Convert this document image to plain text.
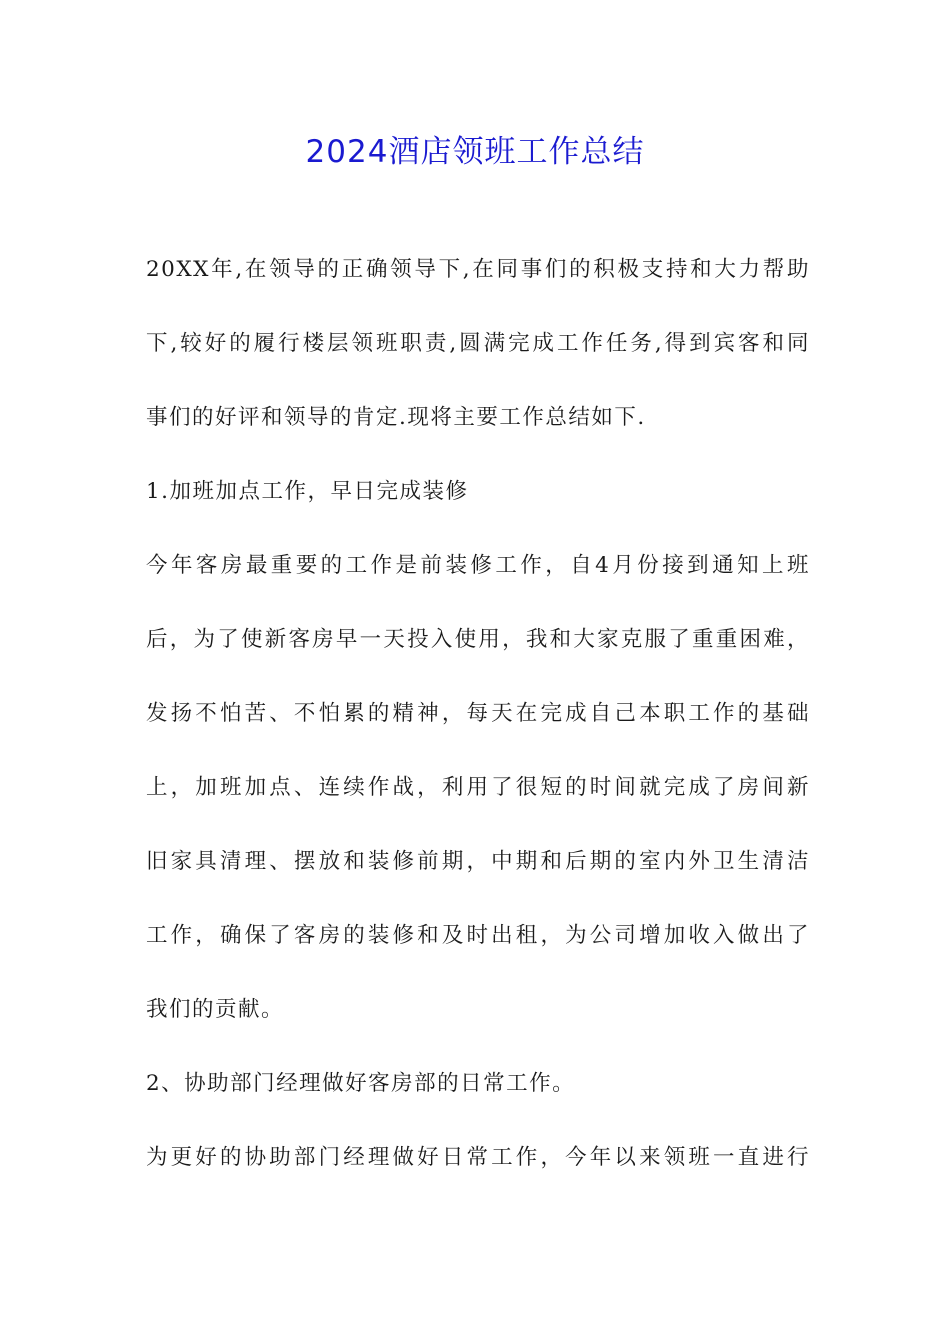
2024酒店领班工作总结
20XX年,在领导的正确领导下,在同事们的积极支持和大力帮助
下,较好的履行楼层领班职责,圆满完成工作任务,得到宾客和同
事们的好评和领导的肯定.现将主要工作总结如下.
1.加班加点工作，早日完成装修
今年客房最重要的工作是前装修工作，自4月份接到通知上班
后，为了使新客房早一天投入使用，我和大家克服了重重困难，
发扬不怕苦、不怕累的精神，每天在完成自己本职工作的基础
上，加班加点、连续作战，利用了很短的时间就完成了房间新
旧家具清理、摆放和装修前期，中期和后期的室内外卫生清洁
工作，确保了客房的装修和及时出租，为公司增加收入做出了
我们的贡献。
2、协助部门经理做好客房部的日常工作。
为更好的协助部门经理做好日常工作，今年以来领班一直进行
